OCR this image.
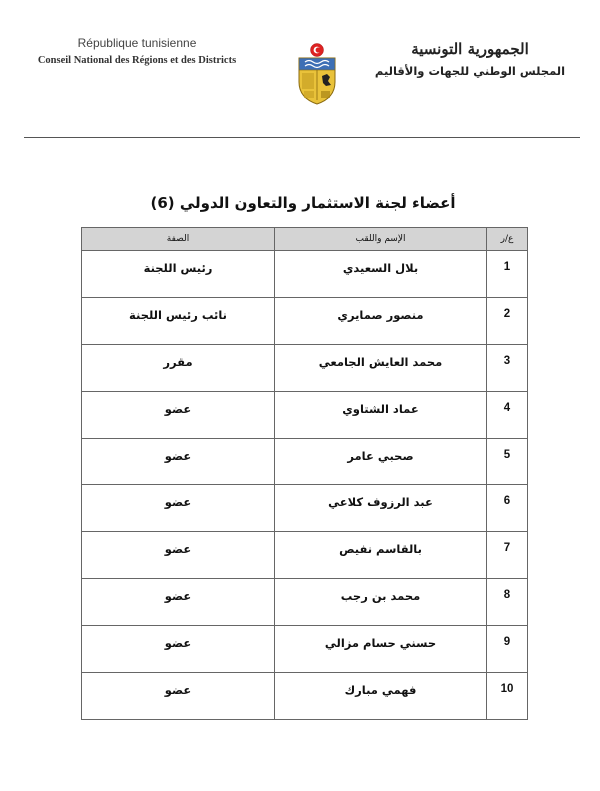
République tunisienne
Conseil National des Régions et des Districts
الجمهورية التونسية
المجلس الوطني للجهات والأقاليم
أعضاء لجنة الاستثمار والتعاون الدولي (6)
ع/ر	الإسم واللقب	الصفة

1	بلال السعيدي	رئيس اللجنة

2	منصور صمايري	نائب رئيس اللجنة

3	محمد العايش الجامعي	مقرر

4	عماد الشتاوي	عضو

5	صحبي عامر	عضو

6	عبد الرزوف كلاعي	عضو

7	بالقاسم نفيص	عضو

8	محمد بن رجب	عضو

9	حسني حسام مزالي	عضو

10	فهمي مبارك	عضو
